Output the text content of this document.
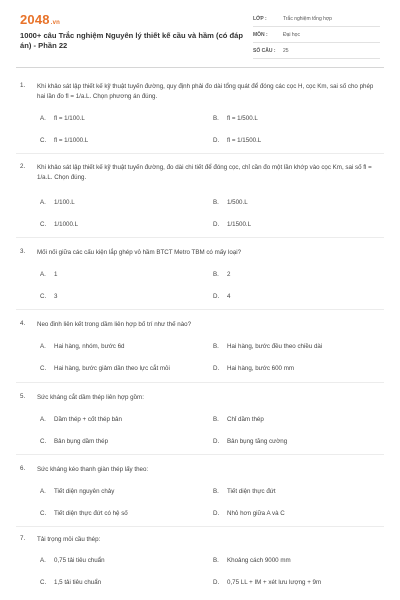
2048.vn
1000+ câu Trắc nghiệm Nguyên lý thiết kế cầu và hầm (có đáp án) - Phần 22
LỚP :	Trắc nghiệm tổng hợp
MÔN :	Đại học
SỐ CÂU : 25
1. Khi khảo sát lập thiết kế kỹ thuật tuyến đường, quy định phải đo dài tổng quát để đóng các cọc H, cọc Km, sai số cho phép hai lần đo fl = 1/a.L. Chọn phương án đúng.
A. fl = 1/100.L	B. fl = 1/500.L
C. fl = 1/1000.L	D. fl = 1/1500.L
2. Khi khảo sát lập thiết kế kỹ thuật tuyến đường, đo dài chi tiết để đóng cọc, chỉ cần đo một lần khớp vào cọc Km, sai số fl = 1/a.L. Chọn đúng.
A. 1/100.L	B. 1/500.L
C. 1/1000.L	D. 1/1500.L
3. Mối nối giữa các cấu kiện lắp ghép vỏ hầm BTCT Metro TBM có mấy loại?
A. 1	B. 2
C. 3	D. 4
4. Neo đinh liên kết trong dầm liên hợp bố trí như thế nào?
A. Hai hàng, nhóm, bước 6d	B. Hai hàng, bước đều theo chiều dài
C. Hai hàng, bước giảm dần theo lực cắt mỏi	D. Hai hàng, bước 600 mm
5. Sức kháng cắt dầm thép liên hợp gồm:
A. Dầm thép + cốt thép bản	B. Chỉ dầm thép
C. Bản bụng dầm thép	D. Bản bụng tăng cường
6. Sức kháng kéo thanh giàn thép lấy theo:
A. Tiết diện nguyên chảy	B. Tiết diện thực đứt
C. Tiết diện thực đứt có hệ số	D. Nhỏ hơn giữa A và C
7. Tải trọng mỏi cầu thép:
A. 0,75 tải tiêu chuẩn	B. Khoảng cách 9000 mm
C. 1,5 tải tiêu chuẩn	D. 0,75 LL + IM + xét lưu lượng + 9m
